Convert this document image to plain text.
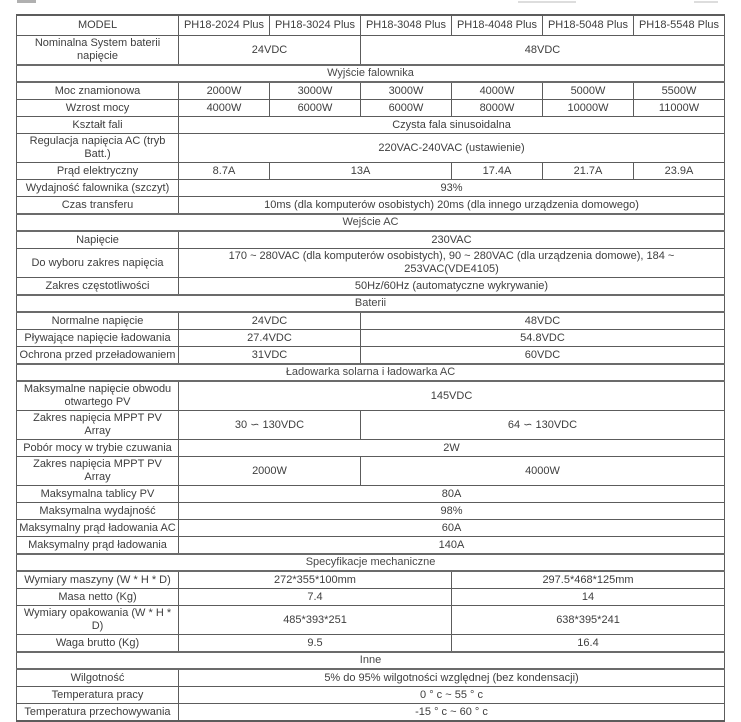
MODEL	PH18-2024 Plus	PH18-3024 Plus	PH18-3048 Plus	PH18-4048 Plus	PH18-5048 Plus	PH18-5548 Plus
Nominalna System baterii napięcie	24VDC		48VDC			
Wyjście falownika						
Moc znamionowa	2000W	3000W	3000W	4000W	5000W	5500W
Wzrost mocy	4000W	6000W	6000W	8000W	10000W	11000W
Kształt fali	Czysta fala sinusoidalna					
Regulacja napięcia AC (tryb Batt.)	220VAC-240VAC (ustawienie)					
Prąd elektryczny	8.7A	13A		17.4A	21.7A	23.9A
Wydajność falownika (szczyt)	93%					
Czas transferu	10ms (dla komputerów osobistych) 20ms (dla innego urządzenia domowego)					
Wejście AC						
Napięcie	230VAC					
Do wyboru zakres napięcia	170 ~ 280VAC (dla komputerów osobistych), 90 ~ 280VAC (dla urządzenia domowe), 184 ~ 253VAC(VDE4105)					
Zakres częstotliwości	50Hz/60Hz (automatyczne wykrywanie)					
Baterii						
Normalne napięcie	24VDC		48VDC			
Pływające napięcie ładowania	27.4VDC		54.8VDC			
Ochrona przed przeładowaniem	31VDC		60VDC			
Ładowarka solarna i ładowarka AC						
Maksymalne napięcie obwodu otwartego PV	145VDC					
Zakres napięcia MPPT PV Array	30 ∽ 130VDC		64 ∽ 130VDC			
Pobór mocy w trybie czuwania	2W					
Zakres napięcia MPPT PV Array	2000W		4000W			
Maksymalna tablicy PV	80A					
Maksymalna wydajność	98%					
Maksymalny prąd ładowania AC	60A					
Maksymalny prąd ładowania	140A					
Specyfikacje mechaniczne						
Wymiary maszyny (W * H * D)	272*355*100mm			297.5*468*125mm		
Masa netto (Kg)	7.4			14		
Wymiary opakowania (W * H * D)	485*393*251			638*395*241		
Waga brutto (Kg)	9.5			16.4		
Inne						
Wilgotność	5% do 95% wilgotności względnej (bez kondensacji)					
Temperatura pracy	0 ° c ~ 55 ° c					
Temperatura przechowywania	-15 ° c ~ 60 ° c					
